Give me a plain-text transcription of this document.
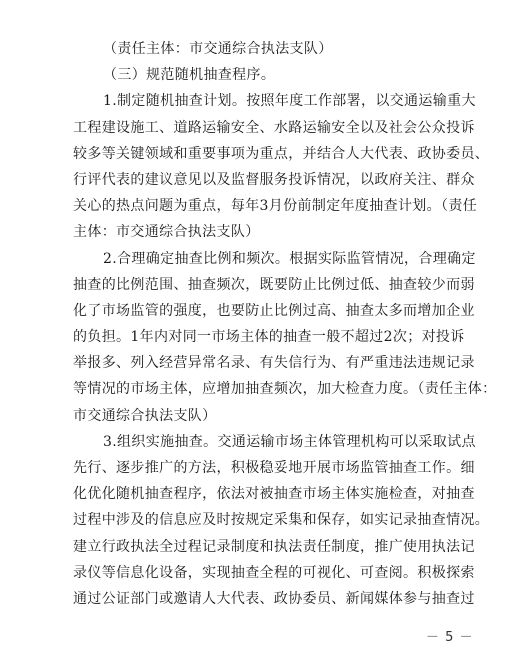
（责任主体：市交通综合执法支队）
（三）规范随机抽查程序。
1.制定随机抽查计划。按照年度工作部署，以交通运输重大
工程建设施工、道路运输安全、水路运输安全以及社会公众投诉
较多等关键领域和重要事项为重点，并结合人大代表、政协委员、
行评代表的建议意见以及监督服务投诉情况，以政府关注、群众
关心的热点问题为重点，每年3月份前制定年度抽查计划。（责任
主体：市交通综合执法支队）
2.合理确定抽查比例和频次。根据实际监管情况，合理确定
抽查的比例范围、抽查频次，既要防止比例过低、抽查较少而弱
化了市场监管的强度，也要防止比例过高、抽查太多而增加企业
的负担。1年内对同一市场主体的抽查一般不超过2次；对投诉
举报多、列入经营异常名录、有失信行为、有严重违法违规记录
等情况的市场主体，应增加抽查频次，加大检查力度。（责任主体：
市交通综合执法支队）
3.组织实施抽查。交通运输市场主体管理机构可以采取试点
先行、逐步推广的方法，积极稳妥地开展市场监管抽查工作。细
化优化随机抽查程序，依法对被抽查市场主体实施检查，对抽查
过程中涉及的信息应及时按规定采集和保存，如实记录抽查情况。
建立行政执法全过程记录制度和执法责任制度，推广使用执法记
录仪等信息化设备，实现抽查全程的可视化、可查阅。积极探索
通过公证部门或邀请人大代表、政协委员、新闻媒体参与抽查过
－ 5 －
